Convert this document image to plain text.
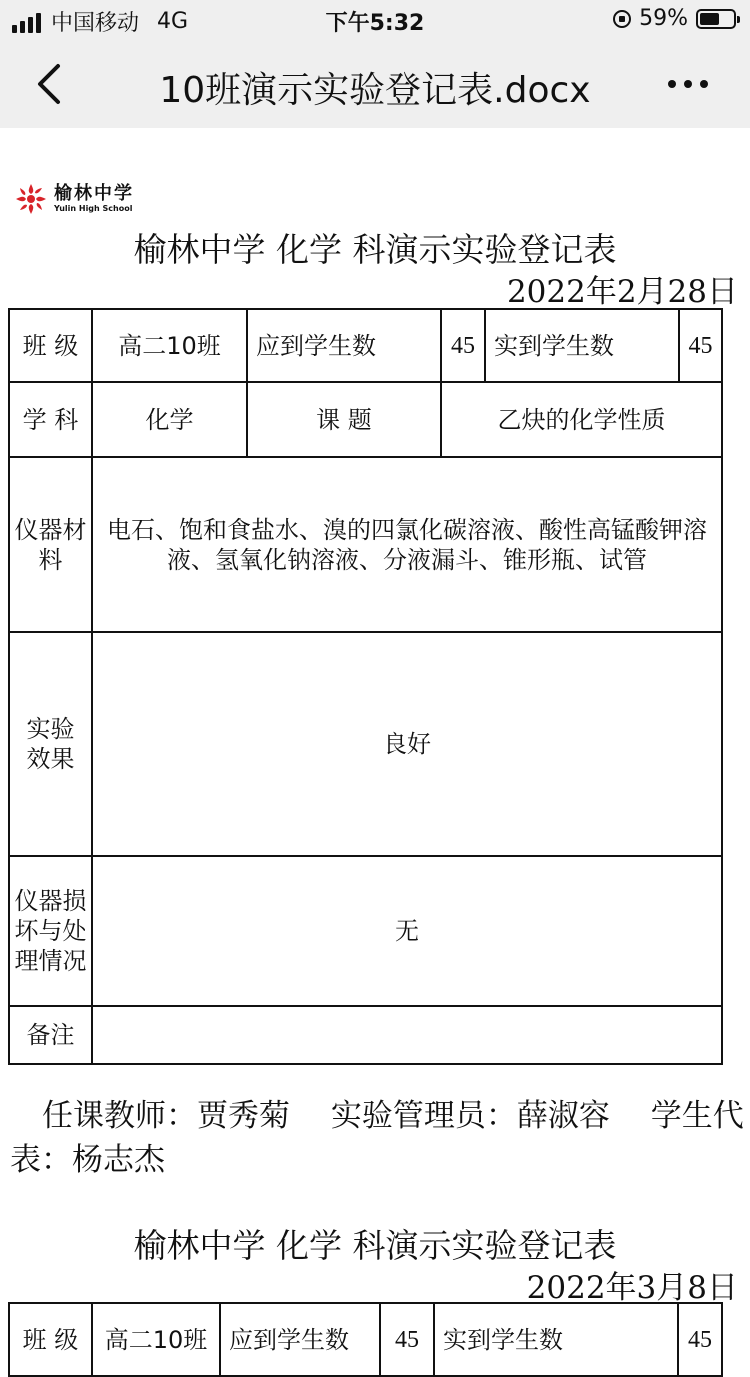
中国移动 4G	下午5:32	59%
10班演示实验登记表.docx
榆林中学
Yulin High School
榆林中学 化学 科演示实验登记表
2022年2月28日
班 级	高二10班	应到学生数	45	实到学生数	45
学 科	化学	课 题	乙炔的化学性质		
仪器材料	电石、饱和食盐水、溴的四氯化碳溶液、酸性高锰酸钾溶液、氢氧化钠溶液、分液漏斗、锥形瓶、试管				
实验效果	良好				
仪器损坏与处理情况	无				
备注					
任课教师：贾秀菊　 实验管理员：薛淑容　 学生代表：杨志杰
榆林中学 化学 科演示实验登记表
2022年3月8日
班 级	高二10班	应到学生数	45	实到学生数	45
